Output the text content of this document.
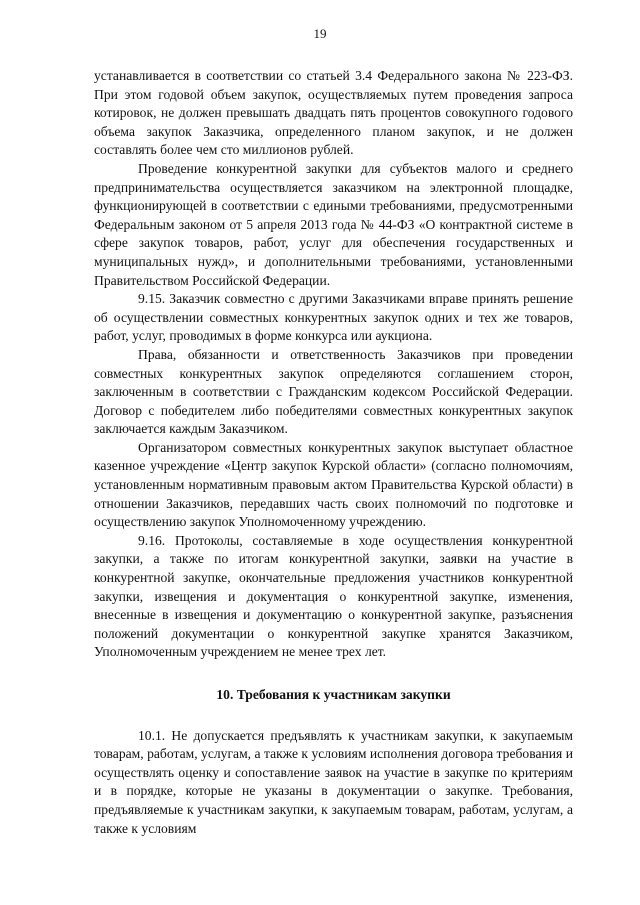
19

устанавливается в соответствии со статьей 3.4 Федерального закона № 223-ФЗ. При этом годовой объем закупок, осуществляемых путем проведения запроса котировок, не должен превышать двадцать пять процентов совокупного годового объема закупок Заказчика, определенного планом закупок, и не должен составлять более чем сто миллионов рублей.

Проведение конкурентной закупки для субъектов малого и среднего предпринимательства осуществляется заказчиком на электронной площадке, функционирующей в соответствии с едиными требованиями, предусмотренными Федеральным законом от 5 апреля 2013 года № 44-ФЗ «О контрактной системе в сфере закупок товаров, работ, услуг для обеспечения государственных и муниципальных нужд», и дополнительными требованиями, установленными Правительством Российской Федерации.

9.15. Заказчик совместно с другими Заказчиками вправе принять решение об осуществлении совместных конкурентных закупок одних и тех же товаров, работ, услуг, проводимых в форме конкурса или аукциона.

Права, обязанности и ответственность Заказчиков при проведении совместных конкурентных закупок определяются соглашением сторон, заключенным в соответствии с Гражданским кодексом Российской Федерации. Договор с победителем либо победителями совместных конкурентных закупок заключается каждым Заказчиком.

Организатором совместных конкурентных закупок выступает областное казенное учреждение «Центр закупок Курской области» (согласно полномочиям, установленным нормативным правовым актом Правительства Курской области) в отношении Заказчиков, передавших часть своих полномочий по подготовке и осуществлению закупок Уполномоченному учреждению.

9.16. Протоколы, составляемые в ходе осуществления конкурентной закупки, а также по итогам конкурентной закупки, заявки на участие в конкурентной закупке, окончательные предложения участников конкурентной закупки, извещения и документация о конкурентной закупке, изменения, внесенные в извещения и документацию о конкурентной закупке, разъяснения положений документации о конкурентной закупке хранятся Заказчиком, Уполномоченным учреждением не менее трех лет.

10. Требования к участникам закупки

10.1. Не допускается предъявлять к участникам закупки, к закупаемым товарам, работам, услугам, а также к условиям исполнения договора требования и осуществлять оценку и сопоставление заявок на участие в закупке по критериям и в порядке, которые не указаны в документации о закупке. Требования, предъявляемые к участникам закупки, к закупаемым товарам, работам, услугам, а также к условиям
